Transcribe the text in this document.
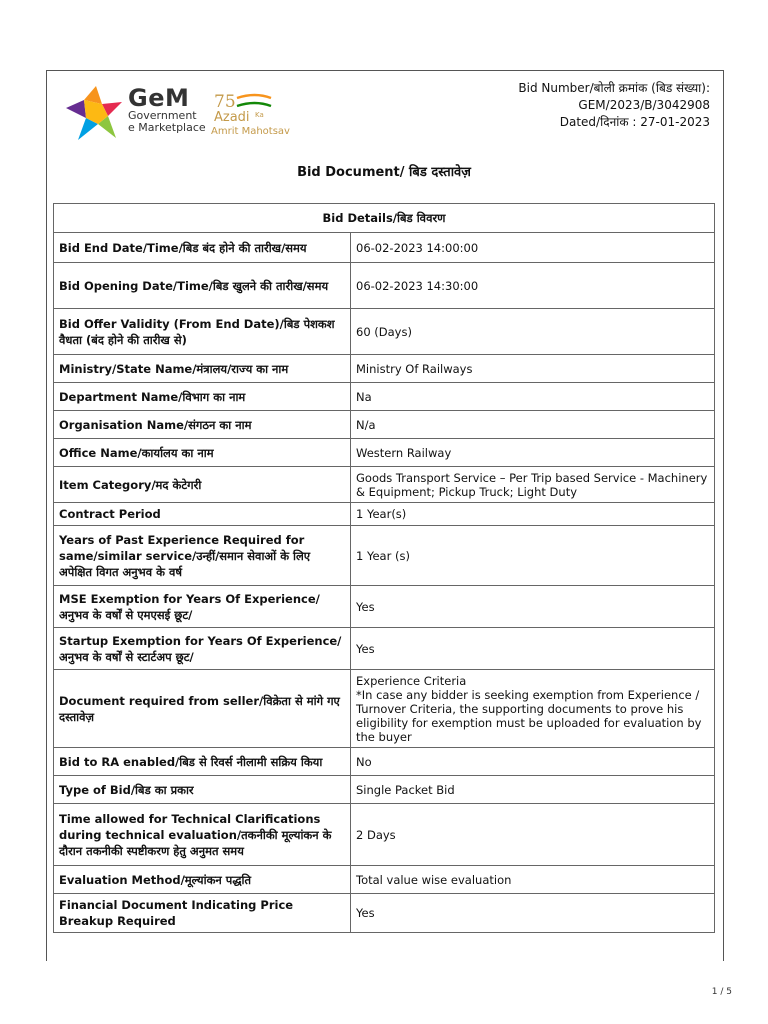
GeM
Government
e Marketplace
75
Azadi Ka
Amrit Mahotsav
Bid Number/बोली क्रमांक (बिड संख्या):
GEM/2023/B/3042908
Dated/दिनांक : 27-01-2023
Bid Document/ बिड दस्तावेज़
Bid Details/बिड विवरण	
Bid End Date/Time/बिड बंद होने की तारीख/समय	06-02-2023 14:00:00
Bid Opening Date/Time/बिड खुलने की तारीख/समय	06-02-2023 14:30:00
Bid Offer Validity (From End Date)/बिड पेशकश वैधता (बंद होने की तारीख से)	60 (Days)
Ministry/State Name/मंत्रालय/राज्य का नाम	Ministry Of Railways
Department Name/विभाग का नाम	Na
Organisation Name/संगठन का नाम	N/a
Office Name/कार्यालय का नाम	Western Railway
Item Category/मद केटेगरी	Goods Transport Service – Per Trip based Service - Machinery & Equipment; Pickup Truck; Light Duty
Contract Period	1 Year(s)
Years of Past Experience Required for same/similar service/उन्हीं/समान सेवाओं के लिए अपेक्षित विगत अनुभव के वर्ष	1 Year (s)
MSE Exemption for Years Of Experience/अनुभव के वर्षों से एमएसई छूट/	Yes
Startup Exemption for Years Of Experience/अनुभव के वर्षों से स्टार्टअप छूट/	Yes
Document required from seller/विक्रेता से मांगे गए दस्तावेज़	Experience Criteria
*In case any bidder is seeking exemption from Experience / Turnover Criteria, the supporting documents to prove his eligibility for exemption must be uploaded for evaluation by the buyer

Bid to RA enabled/बिड से रिवर्स नीलामी सक्रिय किया	No
Type of Bid/बिड का प्रकार	Single Packet Bid
Time allowed for Technical Clarifications during technical evaluation/तकनीकी मूल्यांकन के दौरान तकनीकी स्पष्टीकरण हेतु अनुमत समय	2 Days
Evaluation Method/मूल्यांकन पद्धति	Total value wise evaluation
Financial Document Indicating Price Breakup Required	Yes
1 / 5
